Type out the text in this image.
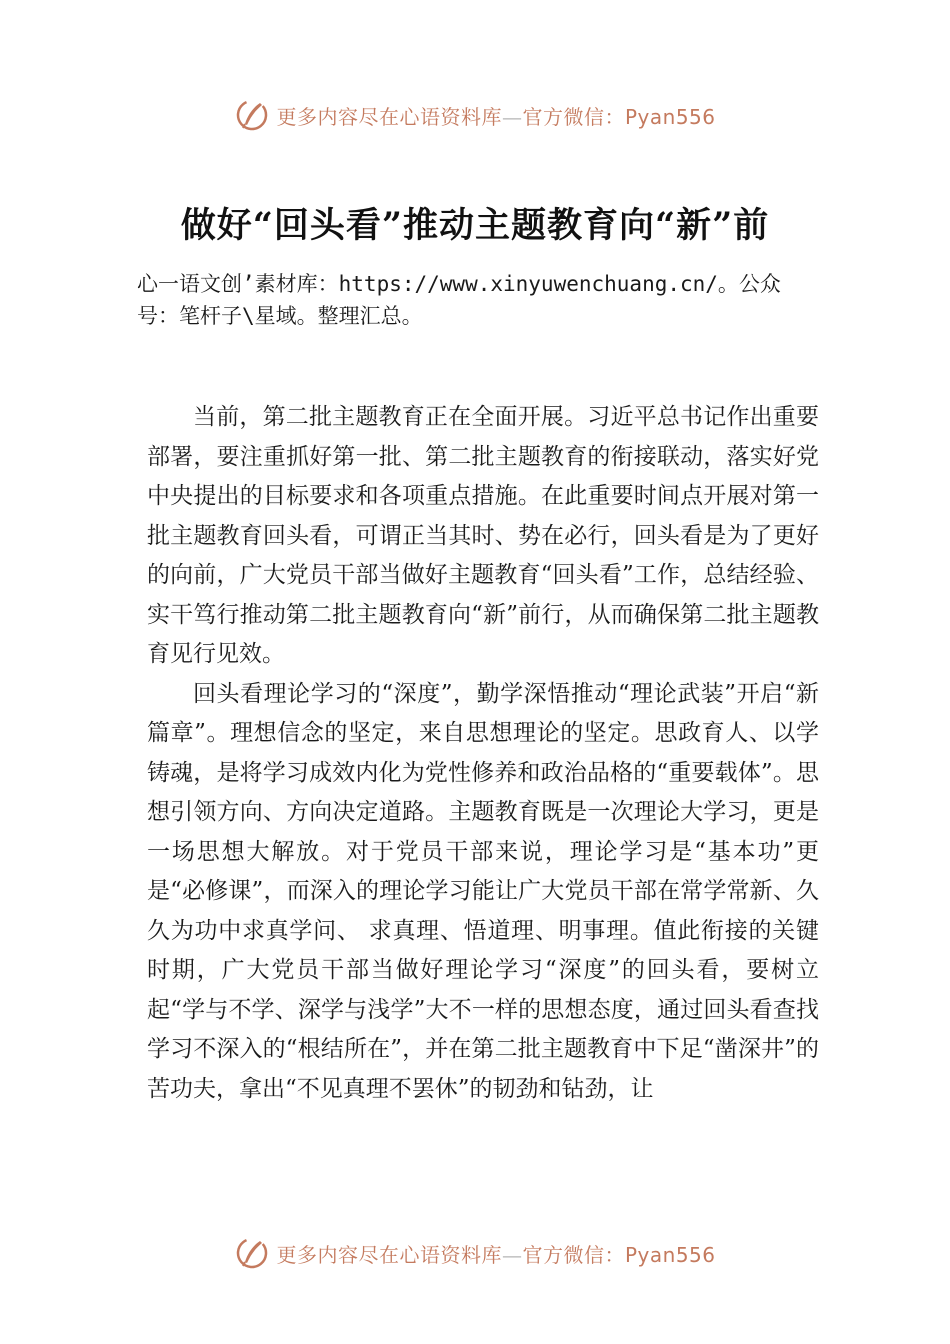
更多内容尽在心语资料库—官方微信：Pyan556
做好“回头看”推动主题教育向“新”前
心一语文创’素材库：https://www.xinyuwenchuang.cn/。公众号：笔杆子\星域。整理汇总。

当前，第二批主题教育正在全面开展。习近平总书记作出重要部署，要注重抓好第一批、第二批主题教育的衔接联动，落实好党中央提出的目标要求和各项重点措施。在此重要时间点开展对第一批主题教育回头看，可谓正当其时、势在必行，回头看是为了更好的向前，广大党员干部当做好主题教育“回头看”工作，总结经验、实干笃行推动第二批主题教育向“新”前行，从而确保第二批主题教育见行见效。

回头看理论学习的“深度”，勤学深悟推动“理论武装”开启“新篇章”。理想信念的坚定，来自思想理论的坚定。思政育人、以学铸魂，是将学习成效内化为党性修养和政治品格的“重要载体”。思想引领方向、方向决定道路。主题教育既是一次理论大学习，更是一场思想大解放。对于党员干部来说，理论学习是“基本功”更是“必修课”，而深入的理论学习能让广大党员干部在常学常新、久久为功中求真学问、 求真理、悟道理、明事理。值此衔接的关键时期，广大党员干部当做好理论学习“深度”的回头看，要树立起“学与不学、深学与浅学”大不一样的思想态度，通过回头看查找学习不深入的“根结所在”，并在第二批主题教育中下足“凿深井”的苦功夫，拿出“不见真理不罢休”的韧劲和钻劲，让

更多内容尽在心语资料库—官方微信：Pyan556
